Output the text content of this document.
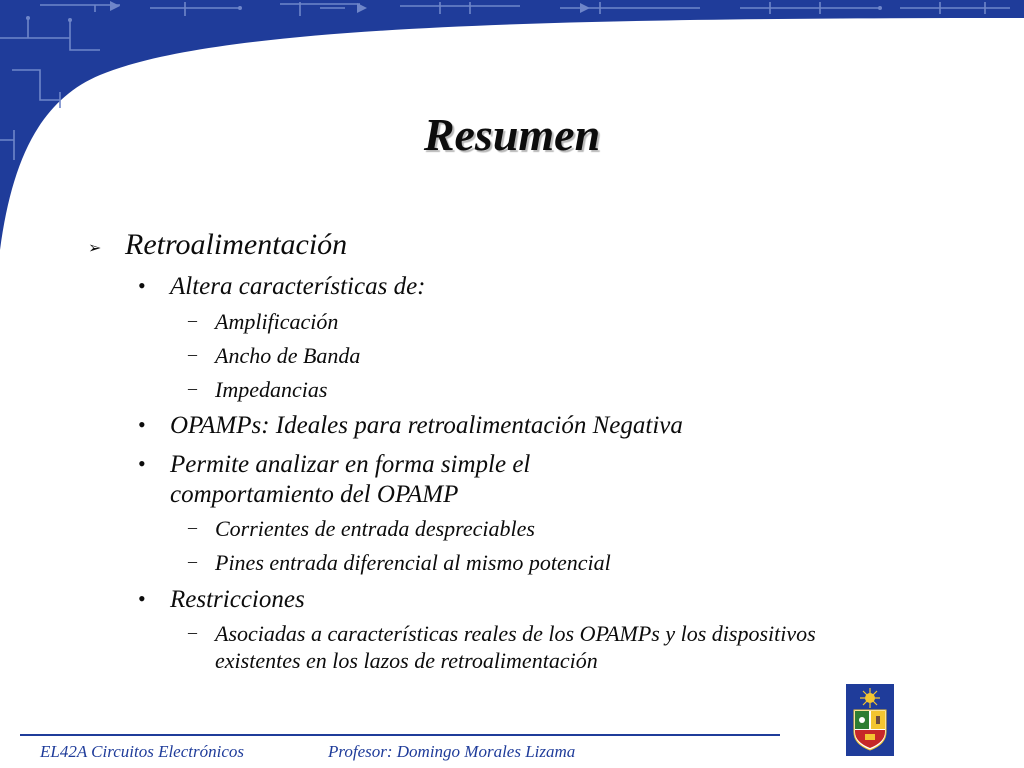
Resumen
➢ Retroalimentación
• Altera características de:
– Amplificación
– Ancho de Banda
– Impedancias
• OPAMPs: Ideales para retroalimentación Negativa
• Permite analizar en forma simple el
comportamiento del OPAMP
– Corrientes de entrada despreciables
– Pines entrada diferencial al mismo potencial
• Restricciones
– Asociadas a características reales de los OPAMPs y los dispositivos
existentes en los lazos de retroalimentación
EL42A Circuitos Electrónicos	Profesor: Domingo Morales Lizama
